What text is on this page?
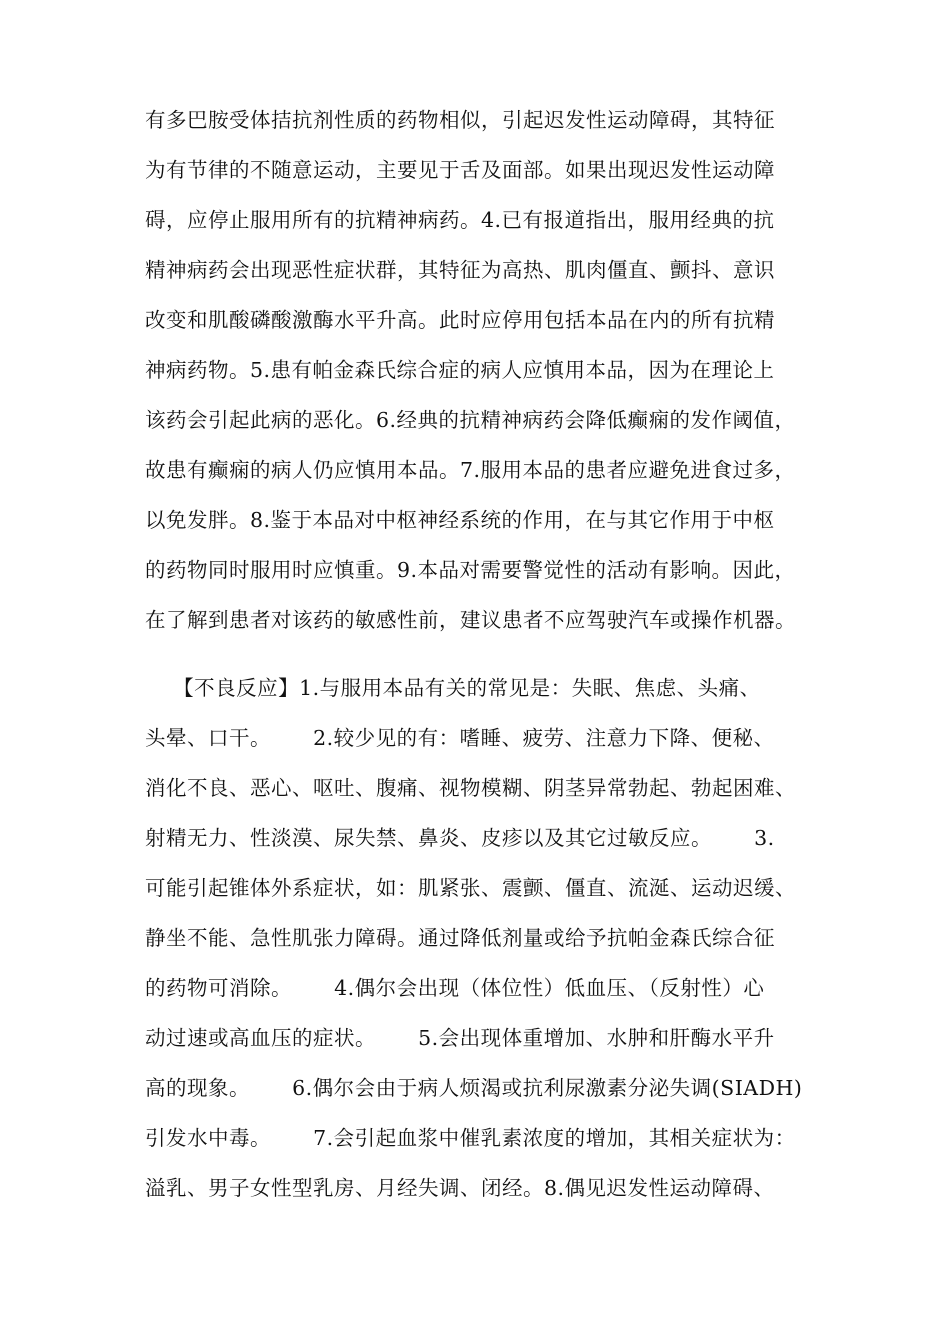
有多巴胺受体拮抗剂性质的药物相似，引起迟发性运动障碍，其特征
为有节律的不随意运动，主要见于舌及面部。如果出现迟发性运动障
碍，应停止服用所有的抗精神病药。4.已有报道指出，服用经典的抗
精神病药会出现恶性症状群，其特征为高热、肌肉僵直、颤抖、意识
改变和肌酸磷酸激酶水平升高。此时应停用包括本品在内的所有抗精
神病药物。5.患有帕金森氏综合症的病人应慎用本品，因为在理论上
该药会引起此病的恶化。6.经典的抗精神病药会降低癫痫的发作阈值，
故患有癫痫的病人仍应慎用本品。7.服用本品的患者应避免进食过多，
以免发胖。8.鉴于本品对中枢神经系统的作用，在与其它作用于中枢
的药物同时服用时应慎重。9.本品对需要警觉性的活动有影响。因此，
在了解到患者对该药的敏感性前，建议患者不应驾驶汽车或操作机器。
【不良反应】1.与服用本品有关的常见是：失眠、焦虑、头痛、
头晕、口干。      2.较少见的有：嗜睡、疲劳、注意力下降、便秘、
消化不良、恶心、呕吐、腹痛、视物模糊、阴茎异常勃起、勃起困难、
射精无力、性淡漠、尿失禁、鼻炎、皮疹以及其它过敏反应。      3.
可能引起锥体外系症状，如：肌紧张、震颤、僵直、流涎、运动迟缓、
静坐不能、急性肌张力障碍。通过降低剂量或给予抗帕金森氏综合征
的药物可消除。      4.偶尔会出现（体位性）低血压、（反射性）心
动过速或高血压的症状。      5.会出现体重增加、水肿和肝酶水平升
高的现象。      6.偶尔会由于病人烦渴或抗利尿激素分泌失调(SIADH)
引发水中毒。      7.会引起血浆中催乳素浓度的增加，其相关症状为：
溢乳、男子女性型乳房、月经失调、闭经。8.偶见迟发性运动障碍、
